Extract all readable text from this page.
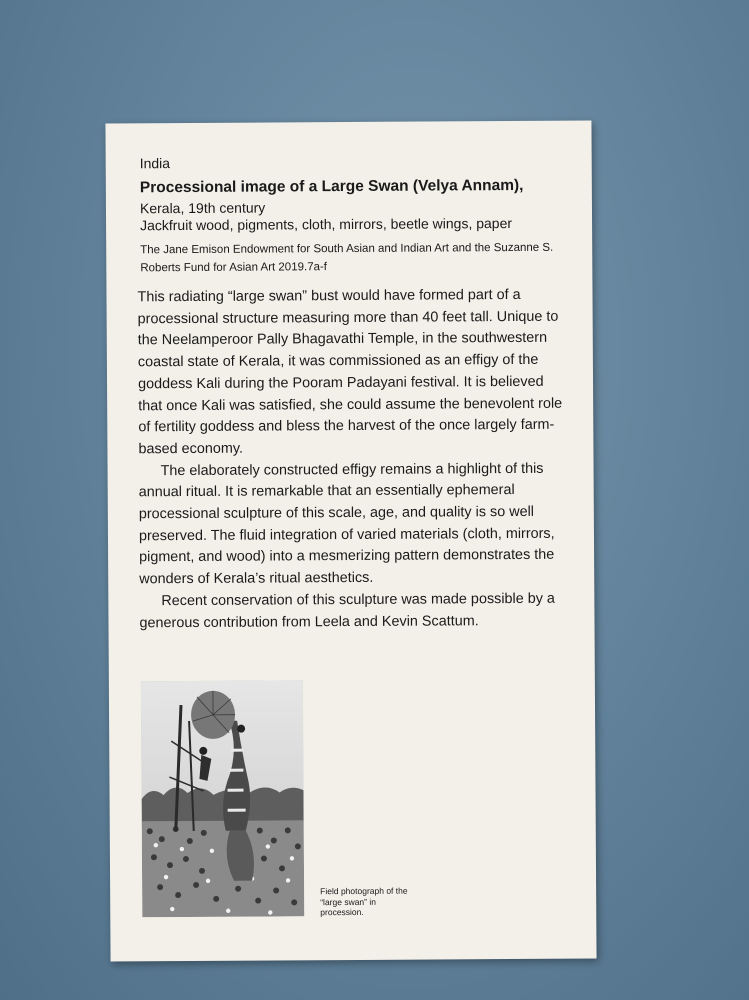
India
Processional image of a Large Swan (Velya Annam),
Kerala, 19th century
Jackfruit wood, pigments, cloth, mirrors, beetle wings, paper
The Jane Emison Endowment for South Asian and Indian Art and the Suzanne S. Roberts Fund for Asian Art 2019.7a-f

This radiating “large swan” bust would have formed part of a processional structure measuring more than 40 feet tall. Unique to the Neelamperoor Pally Bhagavathi Temple, in the southwestern coastal state of Kerala, it was commissioned as an effigy of the goddess Kali during the Pooram Padayani festival. It is believed that once Kali was satisfied, she could assume the benevolent role of fertility goddess and bless the harvest of the once largely farm-based economy.

The elaborately constructed effigy remains a highlight of this annual ritual. It is remarkable that an essentially ephemeral processional sculpture of this scale, age, and quality is so well preserved. The fluid integration of varied materials (cloth, mirrors, pigment, and wood) into a mesmerizing pattern demonstrates the wonders of Kerala’s ritual aesthetics.

Recent conservation of this sculpture was made possible by a generous contribution from Leela and Kevin Scattum.

Field photograph of the “large swan” in procession.
